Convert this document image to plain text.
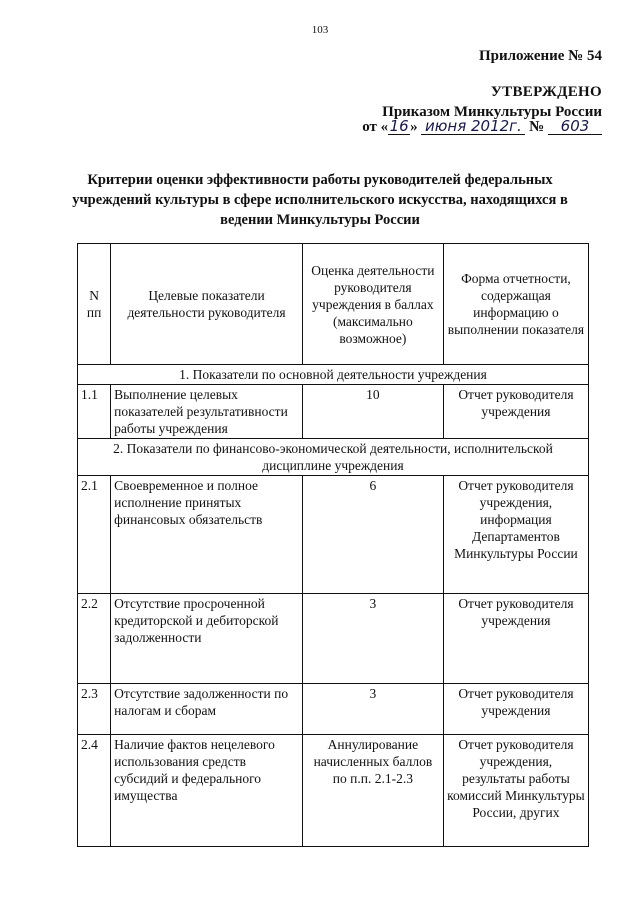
103
Приложение № 54
УТВЕРЖДЕНО
Приказом Минкультуры России
от «16» июня 2012г. № 603
Критерии оценки эффективности работы руководителей федеральных учреждений культуры в сфере исполнительского искусства, находящихся в ведении Минкультуры России
N пп	Целевые показатели деятельности руководителя	Оценка деятельности руководителя учреждения в баллах (максимально возможное)	Форма отчетности, содержащая информацию о выполнении показателя
1. Показатели по основной деятельности учреждения			
1.1	Выполнение целевых показателей результативности работы учреждения	10	Отчет руководителя учреждения
2. Показатели по финансово-экономической деятельности, исполнительской дисциплине учреждения			
2.1	Своевременное и полное исполнение принятых финансовых обязательств	6	Отчет руководителя учреждения, информация Департаментов Минкультуры России
2.2	Отсутствие просроченной кредиторской и дебиторской задолженности	3	Отчет руководителя учреждения
2.3	Отсутствие задолженности по налогам и сборам	3	Отчет руководителя учреждения
2.4	Наличие фактов нецелевого использования средств субсидий и федерального имущества	Аннулирование начисленных баллов по п.п. 2.1-2.3	Отчет руководителя учреждения, результаты работы комиссий Минкультуры России, других
